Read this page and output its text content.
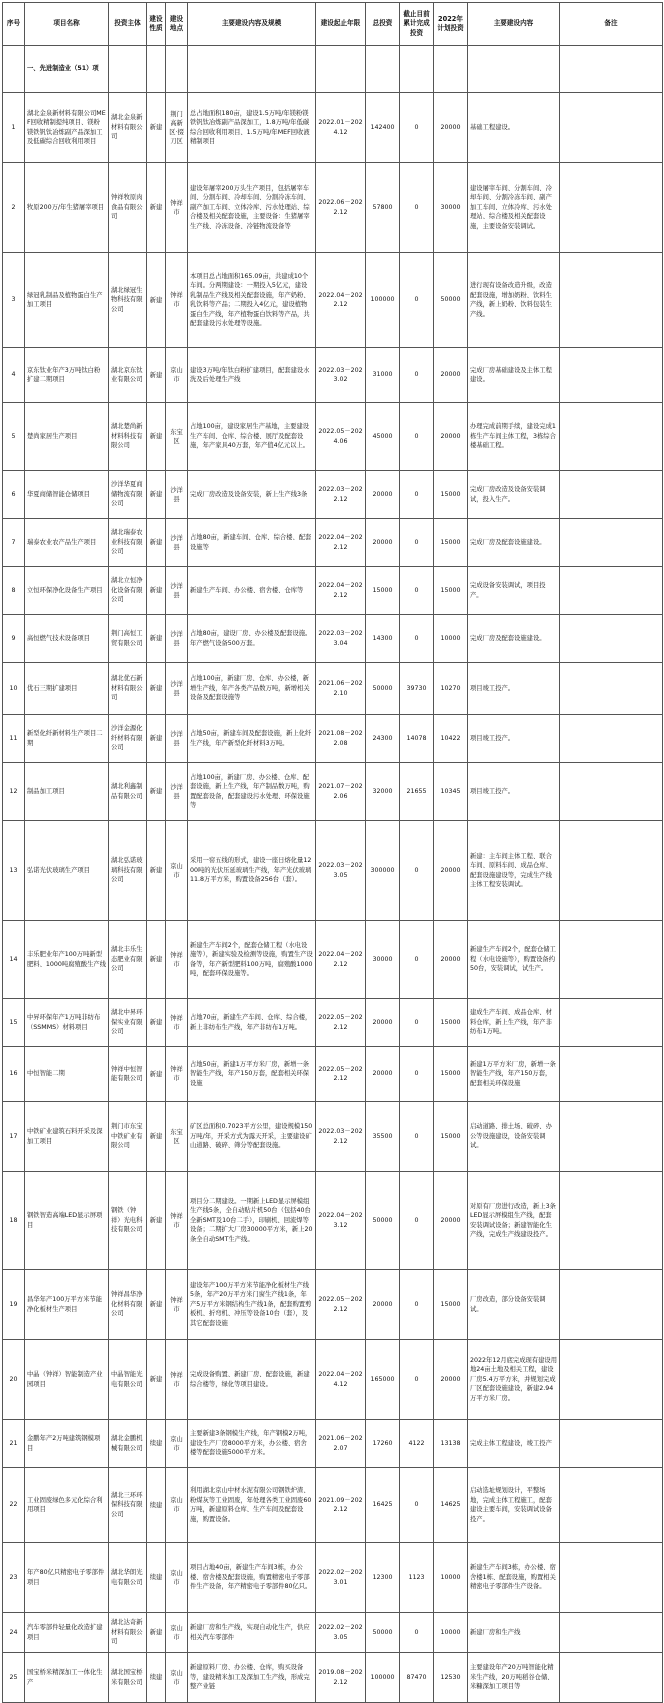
序号	项目名称	投资主体	建设性质	建设地点	主要建设内容及规模	建设起止年限	总投资	截止目前累计完成投资	2022年计划投资	主要建设内容	备注
	一、先进制造业（51）项										
1	湖北金泉新材料有限公司MEF回收精制提纯项目、镁粉镁铁钒钛冶炼副产品深加工及低碳综合回收利用项目	湖北金泉新材料有限公司	新建	荆门高新区·掇刀区	总占地面积180亩，建设1.5万吨/年镁粉镁铁钒钛冶炼副产品深加工，1.8万吨/年低碳综合回收利用项目、1.5万吨/年MEF回收液精制项目	2022.01－2024.12	142400	0	20000	基础工程建设。	
2	牧原200万/年生猪屠宰项目	钟祥牧原肉食品有限公司	新建	钟祥市	建设年屠宰200万头生产项目，包括屠宰车间、分割车间、冷却车间、分割冷冻车间、副产加工车间、立体冷库、污水处理站、综合楼及相关配套设施，主要设备：生猪屠宰生产线、冷冻设备、冷链物流设备等	2022.06－2022.12	57800	0	30000	建设屠宰车间、分割车间、冷却车间、分割冷冻车间、副产加工车间、立体冷库、污水处理站、综合楼及相关配套设施，主要设备安装调试。	
3	绿冠乳制品及植物蛋白生产加工项目	湖北绿冠生物科技有限公司	新建	钟祥市	本项目总占地面积165.09亩，共建成10个车间。分两期建设：一期投入5亿元，建设乳制品生产线及相关配套设施，年产奶粉、乳饮料等产品；二期投入4亿元，建设植物蛋白生产线，年产植物蛋白饮料等产品，共配套建设污水处理等设施。	2022.04－2022.12	100000	0	50000	进行现有设备改造升级，改造配套设施，增加奶粉、饮料生产线，新上奶粉、饮料包装生产线。	
4	京东钛业年产3万吨钛白粉扩建二期项目	湖北京东钛业有限公司	新建	京山市	建设3万吨/年钛白粉扩建项目，配套建设水洗及后处理生产线	2022.03－2023.02	31000	0	20000	完成厂房基础建设及主体工程建设。	
5	楚尚家居生产项目	湖北楚尚新材料科技有限公司	新建	东宝区	占地100亩，建设家居生产基地，主要建设生产车间、仓库、综合楼、展厅及配套设施，年产家具40万套，年产值4亿元以上。	2022.05－2024.06	45000	0	20000	办理完成前期手续，建设完成1栋生产车间主体工程，3栋综合楼基础工程。	
6	华夏商储智能仓储项目	沙洋华夏商储物流有限公司	新建	沙洋县	完成厂房改造及设备安装，新上生产线3条	2022.03－2022.12	20000	0	15000	完成厂房改造及设备安装调试，投入生产。	
7	瑞泰农业农产品生产项目	湖北瑞泰农业科技有限公司	新建	沙洋县	占地80亩，新建车间、仓库、综合楼、配套设施等	2022.04－2022.12	20000	0	15000	完成厂房及配套设施建设。	
8	立恒环保净化设备生产项目	湖北立恒净化设备有限公司	新建	沙洋县	新建生产车间、办公楼、宿舍楼、仓库等	2022.04－2022.12	15000	0	15000	完成设备安装调试，项目投产。	
9	高恒燃气技术设备项目	荆门高恒工贸有限公司	新建	沙洋县	占地80亩，建设厂房、办公楼及配套设施。年产燃气设备500万套。	2022.03－2023.04	14300	0	10000	完成厂房及配套设施建设。	
10	优石三期扩建项目	湖北优石新材料有限公司	新建	沙洋县	占地100亩，新建厂房、仓库、办公楼，新增生产线，年产各类产品数万吨，新增相关设备及配套设施等	2021.06－2022.10	50000	39730	10270	项目竣工投产。	
11	新型化纤新材料生产项目二期	沙洋金源化纤材料有限公司	新建	沙洋县	占地50亩，新建车间及配套设施，新上化纤生产线，年产新型化纤材料3万吨。	2021.08－2022.08	24300	14078	10422	项目竣工投产。	
12	制品加工项目	湖北利鑫制品有限公司	新建	沙洋县	占地100亩，新建厂房、办公楼、仓库、配套设施，新上生产线，年产制品数万吨，购置配套设备，配套建设污水处理、环保设施等	2021.07－2022.06	32000	21655	10345	项目竣工投产。	
13	弘诺光伏玻璃生产项目	湖北弘诺玻璃科技有限公司	新建	京山市	采用一窑五线的形式，建设一座日熔化量1200吨的光伏压延玻璃生产线，年产光伏玻璃11.8万平方米，购置设备256台（套）。	2022.03－2023.05	300000	0	20000	新建：主车间主体工程、联合车间、原料车间、成品仓库、配套设施建设等，完成生产线主体工程安装调试。	
14	丰乐肥业年产100万吨新型肥料、1000吨腐殖酸生产线	湖北丰乐生态肥业有限公司	新建	钟祥市	新建生产车间2个，配套仓储工程（水电设施等），新建实验及检测等设施，购置生产设备等，年产新型肥料100万吨，腐殖酸1000吨，配套环保设施等。	2022.04－2022.12	30000	0	20000	新建生产车间2个，配套仓储工程（水电设施等），购置设备约50台，安装调试，试生产。	
15	中昇环保年产1万吨非纺布（SSMMS）材料项目	湖北中昇环保实业有限公司	新建	钟祥市	占地70亩，新建生产车间、仓库、综合楼，新上非纺布生产线，年产非纺布1万吨。	2022.05－2022.12	20000	0	15000	建成生产车间、成品仓库、材料仓库，新上生产线，年产非纺布1万吨。	
16	中恒智能二期	钟祥中恒智能有限公司	新建	钟祥市	占地50亩，新建1万平方米厂房，新增一条智能生产线，年产150万套，配套相关环保设施	2022.05－2022.12	20000	0	15000	新建1万平方米厂房，新增一条智能生产线，年产150万套，配套相关环保设施	
17	中铁矿业建筑石料开采及深加工项目	荆门市东宝中铁矿业有限公司	新建	东宝区	矿区总面积0.7023平方公里，建设规模150万吨/年，开采方式为露天开采，主要建设矿山道路、破碎、筛分等配套设施。	2022.03－2022.12	35500	0	15000	启动道路、排土场、破碎、办公等设施建设，设备安装调试。	
18	钢铁智造高端LED显示屏项目	钢铁（钟祥）光电科技有限公司	新建	钟祥市	项目分二期建设。一期新上LED显示屏模组生产线5条，全自动贴片机50台（包括40台全新SMT及10台二手），印刷机、回流焊等设备；二期扩大厂房30000平方米，新上20条全自动SMT生产线。	2022.04－2023.12	50000	0	20000	对原有厂房进行改造，新上3条LED显示屏模组生产线，配套安装调试设备；新建智能化生产线，完成生产线建设投产。	
19	昌华年产100万平方米节能净化板材生产项目	钟祥昌华净化材料有限公司	新建	钟祥市	建设年产100万平方米节能净化板材生产线5条，年产20万平方米门窗生产线1条，年产5万平方米钢结构生产线1条，配套购置剪板机、折弯机、冲压等设备10台（套），及其它配套设施	2022.05－2022.12	20000	0	15000	厂房改造，部分设备安装调试。	
20	中晶（钟祥）智能制造产业园项目	中晶智能光电有限公司	新建	钟祥市	完成设备购置、新建厂房、配套设施，新建综合楼等，绿化等项目建设。	2022.04－2024.12	165000	0	20000	2022年12月底完成现有建设用地24亩土地及相关工程，建设厂房5.4万平方米，并规划完成厂区配套设施建设，新建2.94万平方米厂房。	
21	金鹏年产2万吨建筑钢模项目	湖北金鹏机械有限公司	续建	京山市	主要新建3条钢模生产线，年产钢模2万吨，建设生产厂房8000平方米，办公楼、宿舍楼等配套设施5000平方米。	2021.06－2022.07	17260	4122	13138	完成主体工程建设，竣工投产	
22	工业固废绿色多元化综合利用项目	湖北三环环保科技有限公司	续建	京山市	利用湖北京山中材水泥有限公司钢铁炉渣、粉煤灰等工业固废，年处理各类工业固废60万吨，新建原料仓库、生产车间及配套设施，购置设备。	2021.09－2022.12	16425	0	14625	启动选址规划设计，平整场地，完成主体工程施工，配套建设主要车间，安装调试设备投产。	
23	年产80亿只精密电子零部件项目	湖北华朗光电有限公司	续建	京山市	项目占地40亩，新建生产车间3栋，办公楼、宿舍楼及配套设施，购置精密电子零部件生产设备，年产精密电子零部件80亿只。	2022.02－2023.01	12300	1123	10000	新建生产车间3栋，办公楼、宿舍楼1栋、配套设施，购置相关精密电子零部件生产设备。	
24	汽车零部件轻量化改造扩建项目	湖北达奇新材料有限公司	新建	京山市	新建厂房和生产线，实现自动化生产，供应相关汽车零部件	2022.02－2023.05	50000	0	10000	新建厂房和生产线	
25	国宝桥米精深加工一体化生产	湖北国宝桥米有限公司	续建	京山市	新建原料厂房、办公楼、仓库，购买设备等，建设精米加工及深加工生产线，形成完整产业链	2019.08－2022.12	100000	87470	12530	主要建设年产20万吨智能化精米生产线，20万吨稻谷仓储、米糠深加工项目等	
